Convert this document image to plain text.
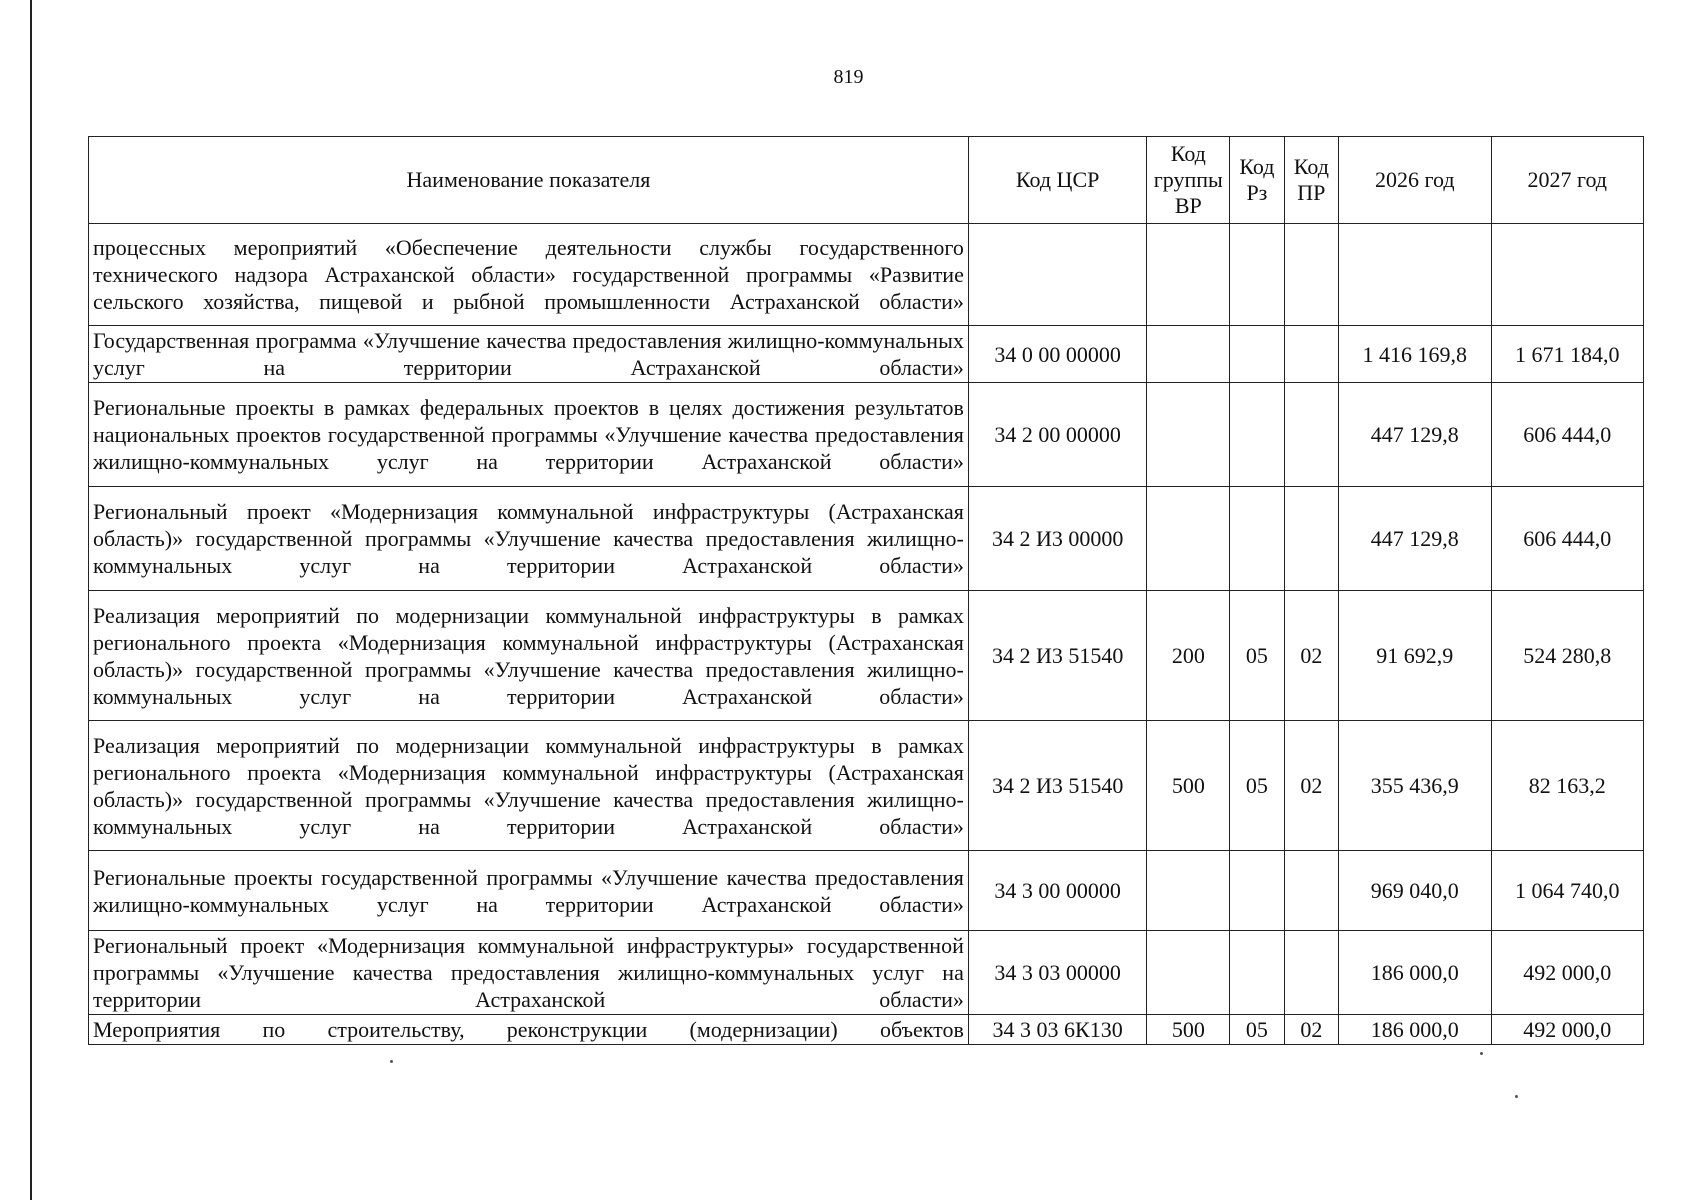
819
Наименование показателя	Код ЦСР	Код группы ВР	Код Рз	Код ПР	2026 год	2027 год
процессных мероприятий «Обеспечение деятельности службы государственного технического надзора Астраханской области» государственной программы «Развитие сельского хозяйства, пищевой и рыбной промышленности Астраханской области»						
Государственная программа «Улучшение качества предоставления жилищно-коммунальных услуг на территории Астраханской области»	34 0 00 00000				1 416 169,8	1 671 184,0
Региональные проекты в рамках федеральных проектов в целях достижения результатов национальных проектов государственной программы «Улучшение качества предоставления жилищно-коммунальных услуг на территории Астраханской области»	34 2 00 00000				447 129,8	606 444,0
Региональный проект «Модернизация коммунальной инфраструктуры (Астраханская область)» государственной программы «Улучшение качества предоставления жилищно-коммунальных услуг на территории Астраханской области»	34 2 И3 00000				447 129,8	606 444,0
Реализация мероприятий по модернизации коммунальной инфраструктуры в рамках регионального проекта «Модернизация коммунальной инфраструктуры (Астраханская область)» государственной программы «Улучшение качества предоставления жилищно-коммунальных услуг на территории Астраханской области»	34 2 И3 51540	200	05	02	91 692,9	524 280,8
Реализация мероприятий по модернизации коммунальной инфраструктуры в рамках регионального проекта «Модернизация коммунальной инфраструктуры (Астраханская область)» государственной программы «Улучшение качества предоставления жилищно-коммунальных услуг на территории Астраханской области»	34 2 И3 51540	500	05	02	355 436,9	82 163,2
Региональные проекты государственной программы «Улучшение качества предоставления жилищно-коммунальных услуг на территории Астраханской области»	34 3 00 00000				969 040,0	1 064 740,0
Региональный проект «Модернизация коммунальной инфраструктуры» государственной программы «Улучшение качества предоставления жилищно-коммунальных услуг на территории Астраханской области»	34 3 03 00000				186 000,0	492 000,0
Мероприятия по строительству, реконструкции (модернизации) объектов	34 3 03 6К130	500	05	02	186 000,0	492 000,0
